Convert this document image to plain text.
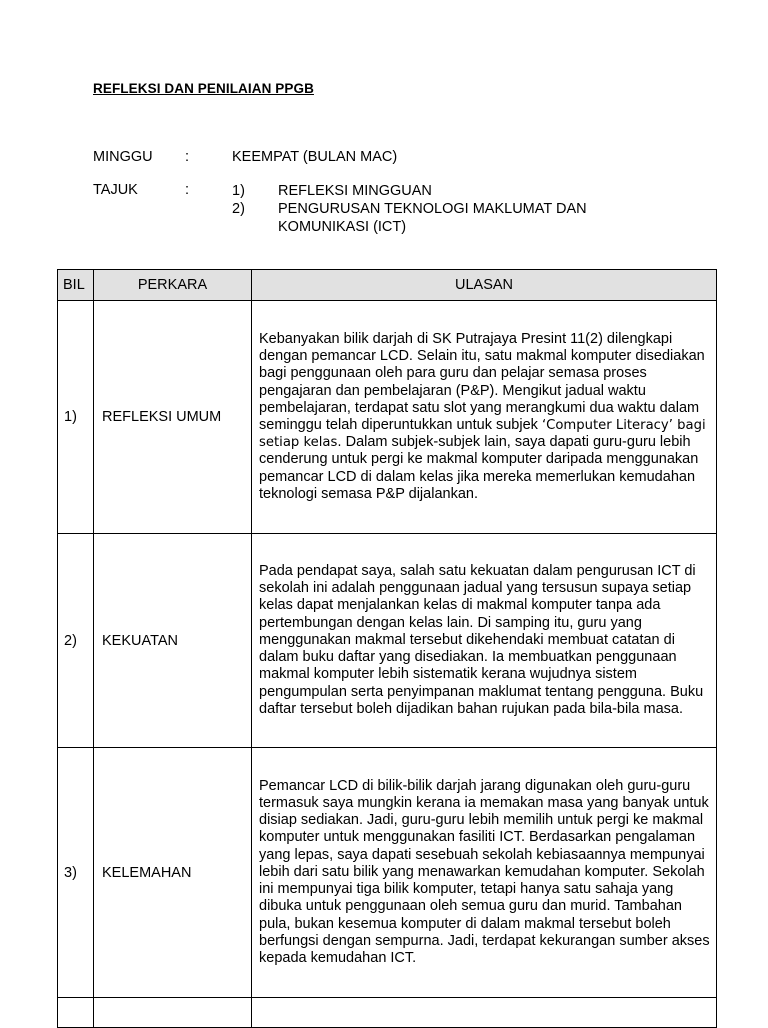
REFLEKSI DAN PENILAIAN PPGB
MINGGU :	KEEMPAT (BULAN MAC)
TAJUK	:	1) REFLEKSI MINGGUAN
2) PENGURUSAN TEKNOLOGI MAKLUMAT DAN KOMUNIKASI (ICT)
BIL	PERKARA	ULASAN
1)	REFLEKSI UMUM	Kebanyakan bilik darjah di SK Putrajaya Presint 11(2) dilengkapi dengan pemancar LCD. Selain itu, satu makmal komputer disediakan bagi penggunaan oleh para guru dan pelajar semasa proses pengajaran dan pembelajaran (P&P). Mengikut jadual waktu pembelajaran, terdapat satu slot yang merangkumi dua waktu dalam seminggu telah diperuntukkan untuk subjek ‘Computer Literacy’ bagi setiap kelas. Dalam subjek-subjek lain, saya dapati guru-guru lebih cenderung untuk pergi ke makmal komputer daripada menggunakan pemancar LCD di dalam kelas jika mereka memerlukan kemudahan teknologi semasa P&P dijalankan.
2)	KEKUATAN	Pada pendapat saya, salah satu kekuatan dalam pengurusan ICT di sekolah ini adalah penggunaan jadual yang tersusun supaya setiap kelas dapat menjalankan kelas di makmal komputer tanpa ada pertembungan dengan kelas lain. Di samping itu, guru yang menggunakan makmal tersebut dikehendaki membuat catatan di dalam buku daftar yang disediakan. Ia membuatkan penggunaan makmal komputer lebih sistematik kerana wujudnya sistem pengumpulan serta penyimpanan maklumat tentang pengguna. Buku daftar tersebut boleh dijadikan bahan rujukan pada bila-bila masa.
3)	KELEMAHAN	Pemancar LCD di bilik-bilik darjah jarang digunakan oleh guru-guru termasuk saya mungkin kerana ia memakan masa yang banyak untuk disiap sediakan. Jadi, guru-guru lebih memilih untuk pergi ke makmal komputer untuk menggunakan fasiliti ICT. Berdasarkan pengalaman yang lepas, saya dapati sesebuah sekolah kebiasaannya mempunyai lebih dari satu bilik yang menawarkan kemudahan komputer. Sekolah ini mempunyai tiga bilik komputer, tetapi hanya satu sahaja yang dibuka untuk penggunaan oleh semua guru dan murid. Tambahan pula, bukan kesemua komputer di dalam makmal tersebut boleh berfungsi dengan sempurna. Jadi, terdapat kekurangan sumber akses kepada kemudahan ICT.
